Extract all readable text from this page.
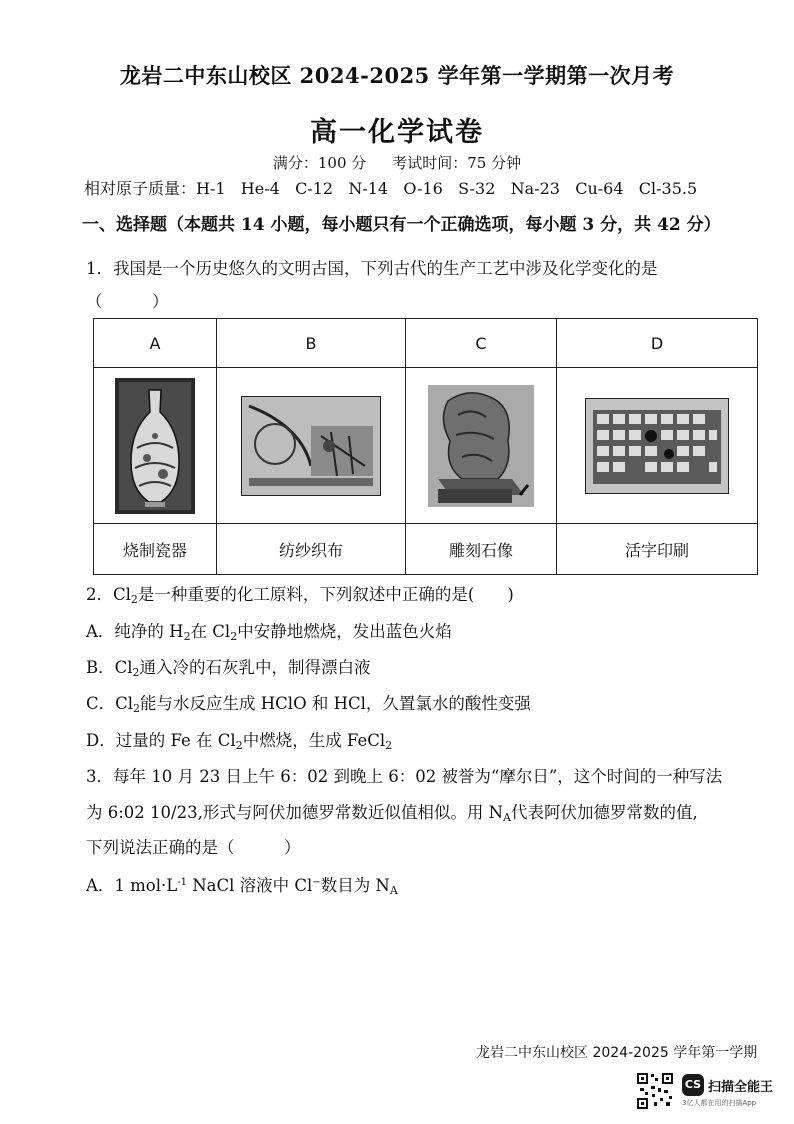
龙岩二中东山校区 2024-2025 学年第一学期第一次月考
高一化学试卷
满分：100 分 考试时间：75 分钟
相对原子质量：H-1   He-4   C-12   N-14   O-16   S-32   Na-23   Cu-64   Cl-35.5
一、选择题（本题共 14 小题，每小题只有一个正确选项，每小题 3 分，共 42 分）
1．我国是一个历史悠久的文明古国，下列古代的生产工艺中涉及化学变化的是
（　　　）
A	B	C	D

烧制瓷器	纺纱织布	雕刻石像	活字印刷
2．$Cl_2$是一种重要的化工原料，下列叙述中正确的是(　　)
A．纯净的 $H_2$在 $Cl_2$中安静地燃烧，发出蓝色火焰
B．$Cl_2$通入冷的石灰乳中，制得漂白液
C．$Cl_2$能与水反应生成 HClO 和 HCl，久置氯水的酸性变强
D．过量的 Fe 在 $Cl_2$中燃烧，生成 FeCl$_2$
3．每年 10 月 23 日上午 6：02 到晚上 6：02 被誉为“摩尔日”，这个时间的一种写法
为 6:02 10/23,形式与阿伏加德罗常数近似值相似。用 $N_A$代表阿伏加德罗常数的值,
下列说法正确的是（　　　）
A．1 $mol\cdot L^{-1}$ NaCl 溶液中 Cl−数目为 $N_A$
龙岩二中东山校区 2024-2025 学年第一学期
CS 扫描全能王
3亿人都在用的扫描App
